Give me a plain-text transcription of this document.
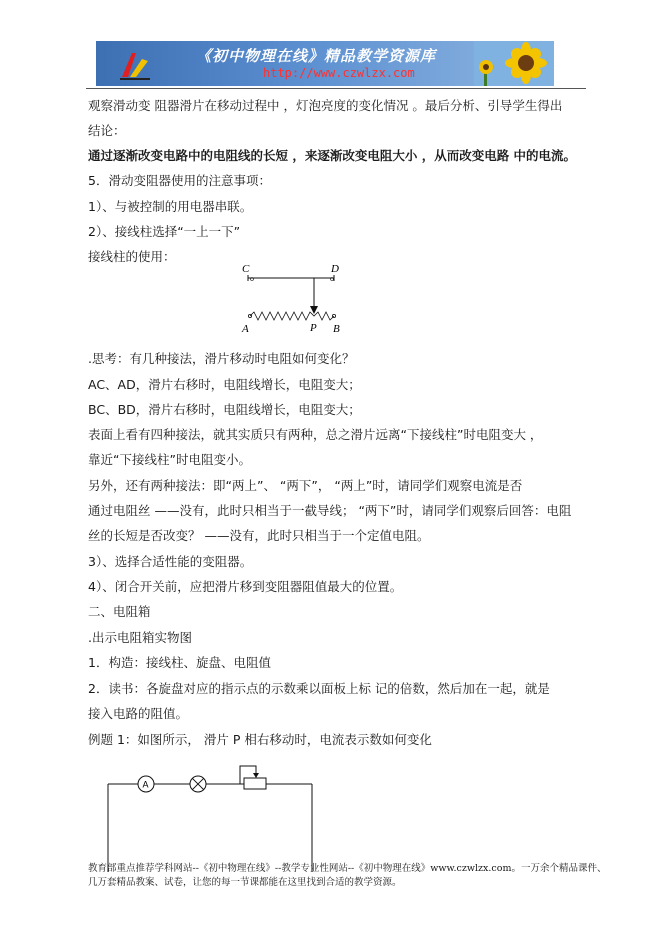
《初中物理在线》精品教学资源库
http://www.czwlzx.com
观察滑动变 阻器滑片在移动过程中 ，灯泡亮度的变化情况 。最后分析、引导学生得出
结论：
通过逐渐改变电路中的电阻线的长短 ，来逐渐改变电阻大小 ，从而改变电路 中的电流。
5．滑动变阻器使用的注意事项：
1）、与被控制的用电器串联。
2）、接线柱选择“一上一下”
接线柱的使用：
C	D
A	P B
.思考：有几种接法，滑片移动时电阻如何变化？
AC、AD，滑片右移时，电阻线增长，电阻变大；
BC、BD，滑片右移时，电阻线增长，电阻变大；
表面上看有四种接法，就其实质只有两种，总之滑片远离“下接线柱”时电阻变大 ，
靠近“下接线柱”时电阻变小。
另外，还有两种接法：即“两上”、 “两下”， “两上”时，请同学们观察电流是否
通过电阻丝 ——没有，此时只相当于一截导线； “两下”时，请同学们观察后回答：电阻
丝的长短是否改变？ ——没有，此时只相当于一个定值电阻。
3）、选择合适性能的变阻器。
4）、闭合开关前，应把滑片移到变阻器阻值最大的位置。
二、电阻箱
.出示电阻箱实物图
1．构造：接线柱、旋盘、电阻值
2．读书：各旋盘对应的指示点的示数乘以面板上标 记的倍数，然后加在一起，就是
接入电路的阻值。
例题 1：如图所示， 滑片 P 相右移动时，电流表示数如何变化
A
教育部重点推荐学科网站--《初中物理在线》--教学专业性网站--《初中物理在线》www.czwlzx.com。一万余个精品课件、
几万套精品教案、试卷，让您的每一节课都能在这里找到合适的教学资源。
